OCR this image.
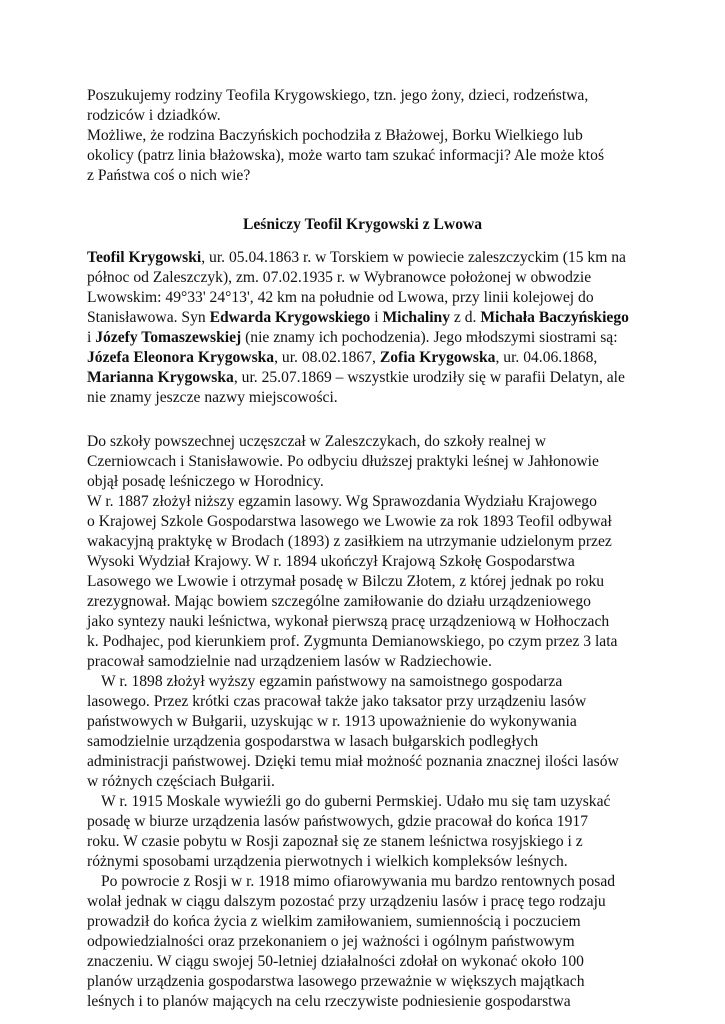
Poszukujemy rodziny Teofila Krygowskiego, tzn. jego żony, dzieci, rodzeństwa,
rodziców i dziadków.
Możliwe, że rodzina Baczyńskich pochodziła z Błażowej, Borku Wielkiego lub
okolicy (patrz linia błażowska), może warto tam szukać informacji? Ale może ktoś
z Państwa coś o nich wie?
Leśniczy Teofil Krygowski z Lwowa
Teofil Krygowski, ur. 05.04.1863 r. w Torskiem w powiecie zaleszczyckim (15 km na
północ od Zaleszczyk), zm. 07.02.1935 r. w Wybranowce położonej w obwodzie
Lwowskim: 49°33' 24°13', 42 km na południe od Lwowa, przy linii kolejowej do
Stanisławowa. Syn Edwarda Krygowskiego i Michaliny z d. Michała Baczyńskiego
i Józefy Tomaszewskiej (nie znamy ich pochodzenia). Jego młodszymi siostrami są:
Józefa Eleonora Krygowska, ur. 08.02.1867, Zofia Krygowska, ur. 04.06.1868,
Marianna Krygowska, ur. 25.07.1869 – wszystkie urodziły się w parafii Delatyn, ale
nie znamy jeszcze nazwy miejscowości.
Do szkoły powszechnej uczęszczał w Zaleszczykach, do szkoły realnej w
Czerniowcach i Stanisławowie. Po odbyciu dłuższej praktyki leśnej w Jahłonowie
objął posadę leśniczego w Horodnicy.
W r. 1887 złożył niższy egzamin lasowy. Wg Sprawozdania Wydziału Krajowego
o Krajowej Szkole Gospodarstwa lasowego we Lwowie za rok 1893 Teofil odbywał
wakacyjną praktykę w Brodach (1893) z zasiłkiem na utrzymanie udzielonym przez
Wysoki Wydział Krajowy. W r. 1894 ukończył Krajową Szkołę Gospodarstwa
Lasowego we Lwowie i otrzymał posadę w Bilczu Złotem, z której jednak po roku
zrezygnował. Mając bowiem szczególne zamiłowanie do działu urządzeniowego
jako syntezy nauki leśnictwa, wykonał pierwszą pracę urządzeniową w Hołhoczach
k. Podhajec, pod kierunkiem prof. Zygmunta Demianowskiego, po czym przez 3 lata
pracował samodzielnie nad urządzeniem lasów w Radziechowie.
W r. 1898 złożył wyższy egzamin państwowy na samoistnego gospodarza
lasowego. Przez krótki czas pracował także jako taksator przy urządzeniu lasów
państwowych w Bułgarii, uzyskując w r. 1913 upoważnienie do wykonywania
samodzielnie urządzenia gospodarstwa w lasach bułgarskich podległych
administracji państwowej. Dzięki temu miał możność poznania znacznej ilości lasów
w różnych częściach Bułgarii.
W r. 1915 Moskale wywieźli go do guberni Permskiej. Udało mu się tam uzyskać
posadę w biurze urządzenia lasów państwowych, gdzie pracował do końca 1917
roku. W czasie pobytu w Rosji zapoznał się ze stanem leśnictwa rosyjskiego i z
różnymi sposobami urządzenia pierwotnych i wielkich kompleksów leśnych.
Po powrocie z Rosji w r. 1918 mimo ofiarowywania mu bardzo rentownych posad
wolał jednak w ciągu dalszym pozostać przy urządzeniu lasów i pracę tego rodzaju
prowadził do końca życia z wielkim zamiłowaniem, sumiennością i poczuciem
odpowiedzialności oraz przekonaniem o jej ważności i ogólnym państwowym
znaczeniu. W ciągu swojej 50-letniej działalności zdołał on wykonać około 100
planów urządzenia gospodarstwa lasowego przeważnie w większych majątkach
leśnych i to planów mających na celu rzeczywiste podniesienie gospodarstwa
